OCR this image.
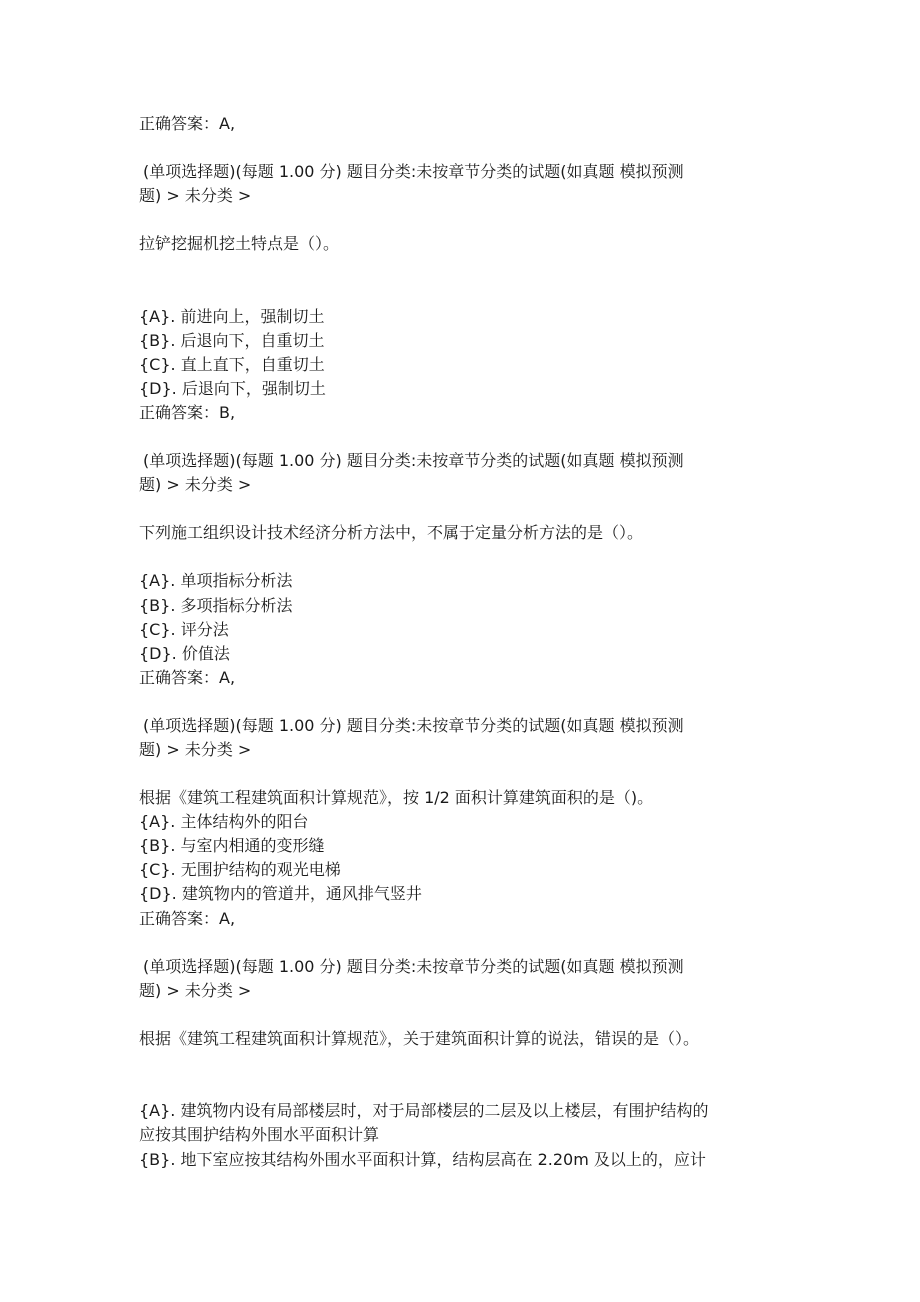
正确答案：A,
(单项选择题)(每题 1.00 分) 题目分类:未按章节分类的试题(如真题 模拟预测
题) > 未分类 >
拉铲挖掘机挖土特点是（）。
{A}. 前进向上，强制切土
{B}. 后退向下，自重切土
{C}. 直上直下，自重切土
{D}. 后退向下，强制切土
正确答案：B,
(单项选择题)(每题 1.00 分) 题目分类:未按章节分类的试题(如真题 模拟预测
题) > 未分类 >
下列施工组织设计技术经济分析方法中，不属于定量分析方法的是（）。
{A}. 单项指标分析法
{B}. 多项指标分析法
{C}. 评分法
{D}. 价值法
正确答案：A,
(单项选择题)(每题 1.00 分) 题目分类:未按章节分类的试题(如真题 模拟预测
题) > 未分类 >
根据《建筑工程建筑面积计算规范》，按 1/2 面积计算建筑面积的是（)。
{A}. 主体结构外的阳台
{B}. 与室内相通的变形缝
{C}. 无围护结构的观光电梯
{D}. 建筑物内的管道井，通风排气竖井
正确答案：A,
(单项选择题)(每题 1.00 分) 题目分类:未按章节分类的试题(如真题 模拟预测
题) > 未分类 >
根据《建筑工程建筑面积计算规范》，关于建筑面积计算的说法，错误的是（）。
{A}. 建筑物内设有局部楼层时，对于局部楼层的二层及以上楼层，有围护结构的
应按其围护结构外围水平面积计算
{B}. 地下室应按其结构外围水平面积计算，结构层高在 2.20m 及以上的，应计
